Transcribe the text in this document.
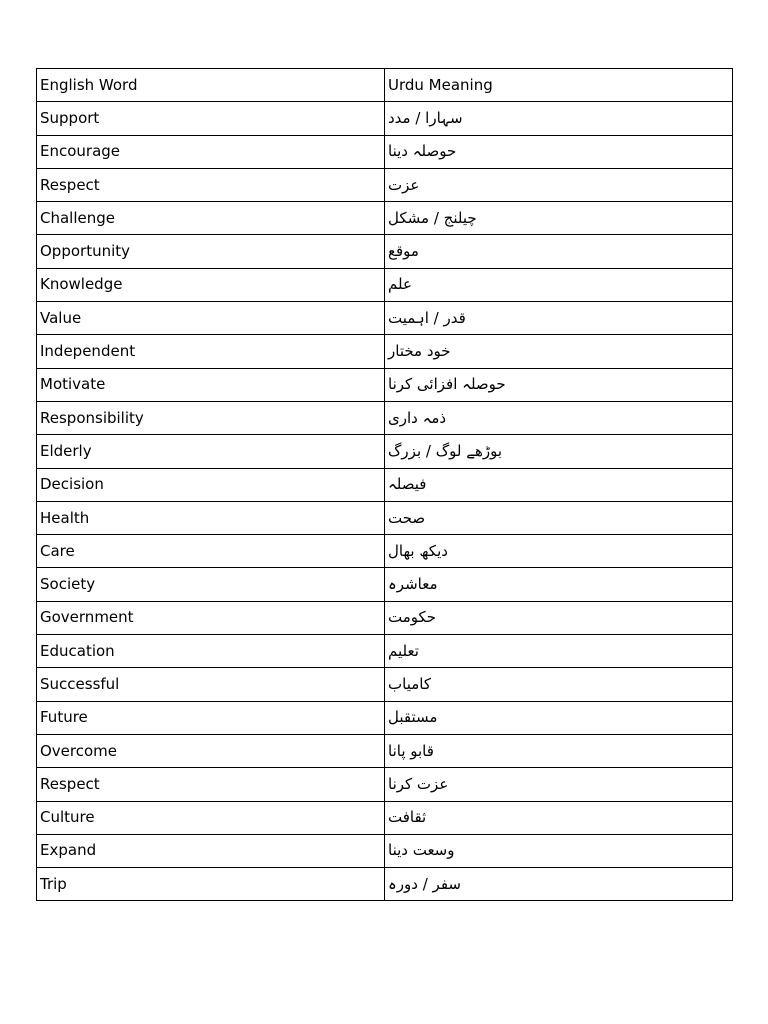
English Word	Urdu Meaning
Support	سہارا / مدد
Encourage	حوصلہ دینا
Respect	عزت
Challenge	چیلنج / مشکل
Opportunity	موقع
Knowledge	علم
Value	قدر / اہمیت
Independent	خود مختار
Motivate	حوصلہ افزائی کرنا
Responsibility	ذمہ داری
Elderly	بوڑھے لوگ / بزرگ
Decision	فیصلہ
Health	صحت
Care	دیکھ بھال
Society	معاشرہ
Government	حکومت
Education	تعلیم
Successful	کامیاب
Future	مستقبل
Overcome	قابو پانا
Respect	عزت کرنا
Culture	ثقافت
Expand	وسعت دینا
Trip	سفر / دورہ
